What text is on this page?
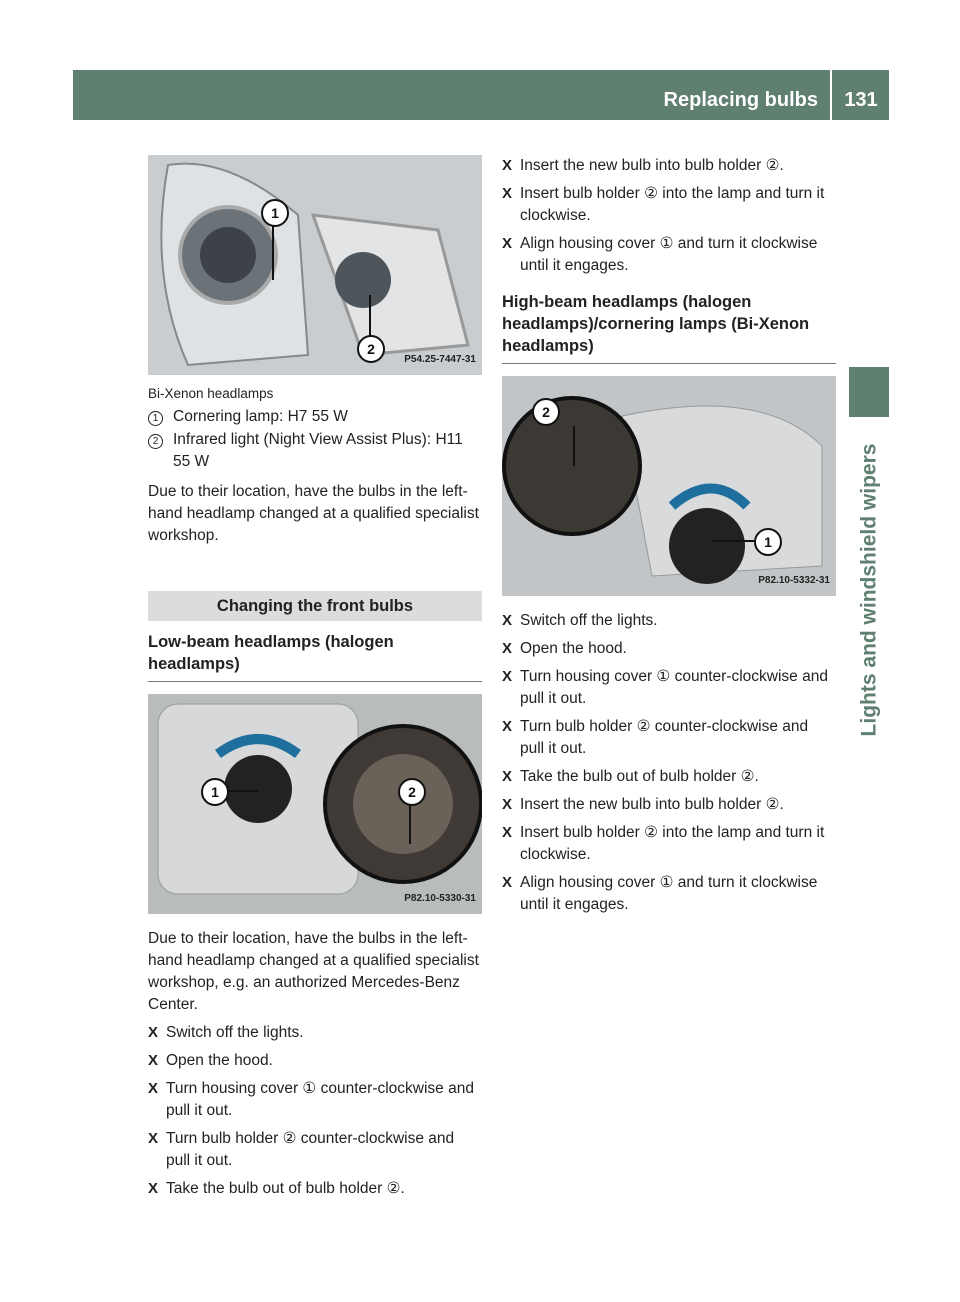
Replacing bulbs	131
Lights and windshield wipers
1
2
P54.25-7447-31

Bi-Xenon headlamps

1 Cornering lamp: H7 55 W
2 Infrared light (Night View Assist Plus): H11 55 W

Due to their location, have the bulbs in the left-hand headlamp changed at a qualified specialist workshop.

Changing the front bulbs
Low-beam headlamps (halogen headlamps)
1	2
P82.10-5330-31

Due to their location, have the bulbs in the left-hand headlamp changed at a qualified specialist workshop, e.g. an authorized Mercedes-Benz Center.

X Switch off the lights.
X Open the hood.
X Turn housing cover ① counter-clockwise and pull it out.
X Turn bulb holder ② counter-clockwise and pull it out.
X Take the bulb out of bulb holder ②.
X Insert the new bulb into bulb holder ②.
X Insert bulb holder ② into the lamp and turn it clockwise.
X Align housing cover ① and turn it clockwise until it engages.
High-beam headlamps (halogen headlamps)/cornering lamps (Bi-Xenon headlamps)
2
1
P82.10-5332-31
X Switch off the lights.
X Open the hood.
X Turn housing cover ① counter-clockwise and pull it out.
X Turn bulb holder ② counter-clockwise and pull it out.
X Take the bulb out of bulb holder ②.
X Insert the new bulb into bulb holder ②.
X Insert bulb holder ② into the lamp and turn it clockwise.
X Align housing cover ① and turn it clockwise until it engages.
